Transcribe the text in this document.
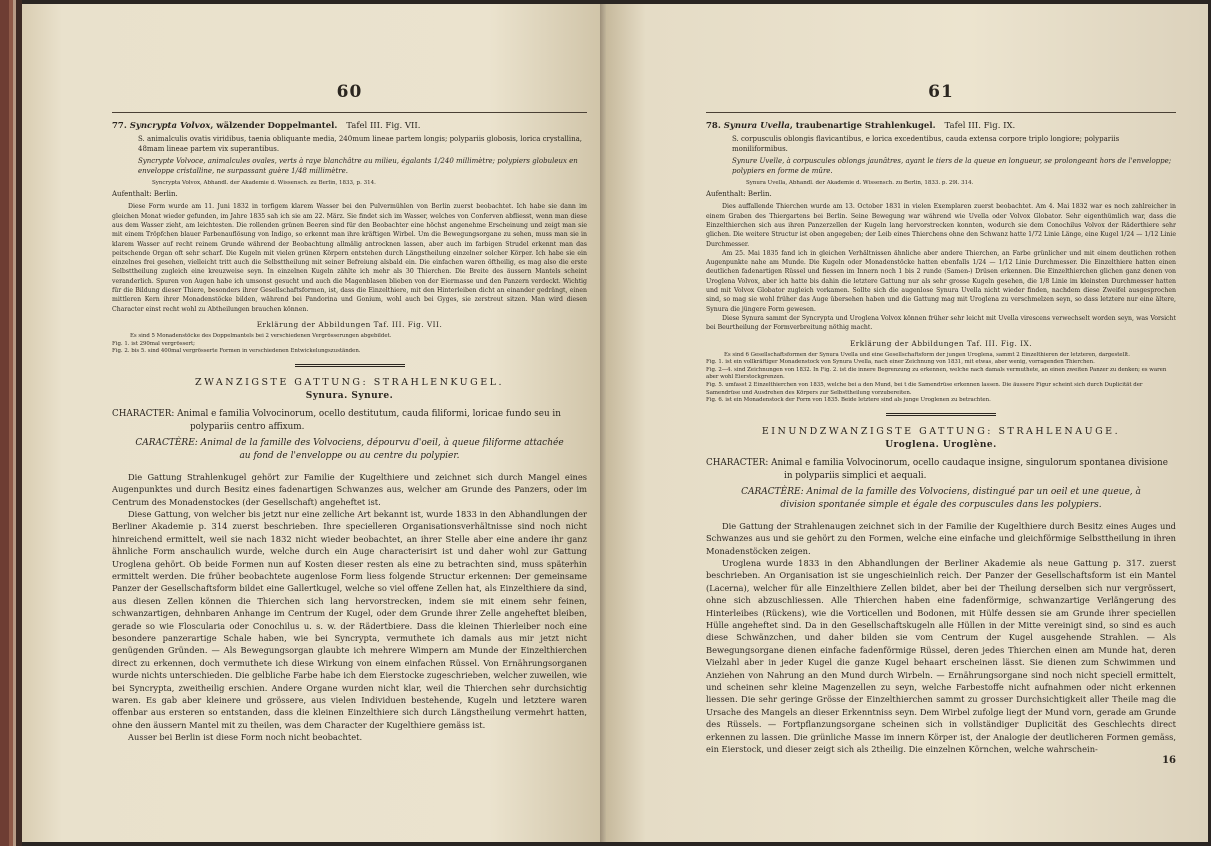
60
77. Syncrypta Volvox, wälzender Doppelmantel. Tafel III. Fig. VII.
S. animalculis ovatis viridibus, taenia obliquante media, 240mum lineae partem longis; polypariis globosis, lorica crystallina, 48mam lineae partem vix superantibus.
Syncrypte Volvoce, animalcules ovales, verts à raye blanchâtre au milieu, égalants 1/240 millimètre; polypiers globuleux en enveloppe cristalline, ne surpassant guère 1/48 millimètre.
Syncrypta Volvox, Abhandl. der Akademie d. Wissensch. zu Berlin, 1833, p. 314.
Aufenthalt: Berlin.

Diese Form wurde am 11. Juni 1832 in torfigem klarem Wasser bei den Pulvermühlen von Berlin zuerst beobachtet. Ich habe sie dann im gleichen Monat wieder gefunden, im Jahre 1835 sah ich sie am 22. März. Sie findet sich im Wasser, welches von Conferven abfliesst, wenn man diese aus dem Wasser zieht, am leichtesten. Die rollenden grünen Beeren sind für den Beobachter eine höchst angenehme Erscheinung und zeigt man sie mit einem Tröpfchen blauer Farbenauflösung von Indigo, so erkennt man ihre kräftigen Wirbel. Um die Bewegungsorgane zu sehen, muss man sie in klarem Wasser auf recht reinem Grunde während der Beobachtung allmälig antrocknen lassen, aber auch im farbigen Strudel erkennt man das peitschende Organ oft sehr scharf. Die Kugeln mit vielen grünen Körpern entstehen durch Längstheilung einzelner solcher Körper. Ich habe sie ein einzelnes frei gesehen, vielleicht tritt auch die Selbsttheilung mit seiner Befreiung alsbald ein. Die einfachen waren öftheilig, es mag also die erste Selbsttheilung zugleich eine kreuzweise seyn. In einzelnen Kugeln zählte ich mehr als 30 Thierchen. Die Breite des äussern Mantels scheint veranderlich. Spuren von Augen habe ich umsonst gesucht und auch die Magenblasen blieben von der Eiermasse und den Panzern verdeckt. Wichtig für die Bildung dieser Thiere, besonders ihrer Gesellschaftsformen, ist, dass die Einzelthiere, mit den Hinterleiben dicht an einander gedrängt, einen mittleren Kern ihrer Monadenstöcke bilden, während bei Pandorina und Gonium, wohl auch bei Gyges, sie zerstreut sitzen. Man wird diesen Character einst recht wohl zu Abtheilungen brauchen können.

Erklärung der Abbildungen Taf. III. Fig. VII.

Es sind 5 Monadenstöcke des Doppelmantels bei 2 verschiedenen Vergrösserungen abgebildet.

Fig. 1. ist 290mal vergrössert;

Fig. 2. bis 5. sind 400mal vergrösserte Formen in verschiedenen Entwickelungszuständen.

ZWANZIGSTE GATTUNG: STRAHLENKUGEL.
Synura. Synure.
CHARACTER: Animal e familia Volvocinorum, ocello destitutum, cauda filiformi, loricae fundo seu in
polypariis centro affixum.
CARACTÈRE: Animal de la famille des Volvociens, dépourvu d'oeil, à queue filiforme attachée au fond de l'enveloppe ou au centre du polypier.

Die Gattung Strahlenkugel gehört zur Familie der Kugelthiere und zeichnet sich durch Mangel eines Augenpunktes und durch Besitz eines fadenartigen Schwanzes aus, welcher am Grunde des Panzers, oder im Centrum des Monadenstockes (der Gesellschaft) angeheftet ist.

Diese Gattung, von welcher bis jetzt nur eine zelliche Art bekannt ist, wurde 1833 in den Abhandlungen der Berliner Akademie p. 314 zuerst beschrieben. Ihre specielleren Organisationsverhältnisse sind noch nicht hinreichend ermittelt, weil sie nach 1832 nicht wieder beobachtet, an ihrer Stelle aber eine andere ihr ganz ähnliche Form anschaulich wurde, welche durch ein Auge characterisirt ist und daher wohl zur Gattung Uroglena gehört. Ob beide Formen nun auf Kosten dieser resten als eine zu betrachten sind, muss späterhin ermittelt werden. Die früher beobachtete augenlose Form liess folgende Structur erkennen: Der gemeinsame Panzer der Gesellschaftsform bildet eine Gallertkugel, welche so viel offene Zellen hat, als Einzelthiere da sind, aus diesen Zellen können die Thierchen sich lang hervorstrecken, indem sie mit einem sehr feinen, schwanzartigen, dehnbaren Anhange im Centrum der Kugel, oder dem Grunde ihrer Zelle angeheftet bleiben, gerade so wie Floscularia oder Conochilus u. s. w. der Rädertbiere. Dass die kleinen Thierleiber noch eine besondere panzerartige Schale haben, wie bei Syncrypta, vermuthete ich damals aus mir jetzt nicht genügenden Gründen. — Als Bewegungsorgan glaubte ich mehrere Wimpern am Munde der Einzelthierchen direct zu erkennen, doch vermuthete ich diese Wirkung von einem einfachen Rüssel. Von Ernährungsorganen wurde nichts unterschieden. Die gelbliche Farbe habe ich dem Eierstocke zugeschrieben, welcher zuweilen, wie bei Syncrypta, zweitheilig erschien. Andere Organe wurden nicht klar, weil die Thierchen sehr durchsichtig waren. Es gab aber kleinere und grössere, aus vielen Individuen bestehende, Kugeln und letztere waren offenbar aus ersteren so entstanden, dass die kleinen Einzelthiere sich durch Längstheilung vermehrt hatten, ohne den äussern Mantel mit zu theilen, was dem Character der Kugelthiere gemäss ist.

Ausser bei Berlin ist diese Form noch nicht beobachtet.

61
78. Synura Uvella, traubenartige Strahlenkugel. Tafel III. Fig. IX.
S. corpusculis oblongis flavicantibus, e lorica excedentibus, cauda extensa corpore triplo longiore; polypariis moniliformibus.
Synure Uvelle, à corpuscules oblongs jaunâtres, ayant le tiers de la queue en longueur, se prolongeant hors de l'enveloppe; polypiers en forme de mûre.
Synura Uvella, Abhandl. der Akademie d. Wissensch. zu Berlin, 1833. p. 29l. 314.
Aufenthalt: Berlin.

Dies auffallende Thierchen wurde am 13. October 1831 in vielen Exemplaren zuerst beobachtet. Am 4. Mai 1832 war es noch zahlreicher in einem Graben des Thiergartens bei Berlin. Seine Bewegung war während wie Uvella oder Volvox Globator. Sehr eigenthümlich war, dass die Einzelthierchen sich aus ihren Panzerzellen der Kugeln lang hervorstrecken konnten, wodurch sie dem Conochilus Volvox der Räderthiere sehr glichen. Die weitere Structur ist oben angegeben; der Leib eines Thierchens ohne den Schwanz hatte 1/72 Linie Länge, eine Kugel 1/24 — 1/12 Linie Durchmesser.

Am 25. Mai 1835 fand ich in gleichen Verhältnissen ähnliche aber andere Thierchen, an Farbe grünlicher und mit einem deutlichen rothen Augenpunkte nahe am Munde. Die Kugeln oder Monadenstöcke hatten ebenfalls 1/24 — 1/12 Linie Durchmesser. Die Einzelthiere hatten einen deutlichen fadenartigen Rüssel und fiessen im Innern noch 1 bis 2 runde (Samen-) Drüsen erkennen. Die Einzelthierchen glichen ganz denen von Uroglena Volvox, aber ich hatte bis dahin die letztere Gattung nur als sehr grosse Kugeln gesehen, die 1/8 Linie im kleinsten Durchmesser hatten und mit Volvox Globator zugleich vorkamen. Sollte sich die augenlose Synura Uvella nicht wieder finden, nachdem diese Zweifel ausgesprochen sind, so mag sie wohl früher das Auge übersehen haben und die Gattung mag mit Uroglena zu verschmelzen seyn, so dass letztere nur eine ältere, Synura die jüngere Form gewesen.

Diese Synura sammt der Syncrypta und Uroglena Volvox können früher sehr leicht mit Uvella virescens verwechselt worden seyn, was Vorsicht bei Beurtheilung der Formverbreitung nöthig macht.

Erklärung der Abbildungen Taf. III. Fig. IX.

Es sind 6 Gesellschaftsformen der Synura Uvella und eine Gesellschaftsform der jungen Uroglena, sammt 2 Einzelthieren der letzteren, dargestellt.

Fig. 1. ist ein vollkräftiger Monadenstock von Synura Uvella, nach einer Zeichnung von 1831, mit etwas, aber wenig, vorragenden Thierchen.

Fig. 2—4. sind Zeichnungen von 1832. In Fig. 2. ist die innere Begrenzung zu erkennen, welche nach damals vermuthete, an einen zweiten Panzer zu denken; es waren aber wohl Eierstockgrenzen.

Fig. 5. umfasst 2 Einzelthierchen von 1835, welche bei a den Mund, bei t die Samendrüse erkennen lassen. Die äussere Figur scheint sich durch Duplicität der Samendrüse und Ausdrehen des Körpers zur Selbsttheilung vorzubereiten.

Fig. 6. ist ein Monadenstock der Form von 1835. Beide letztere sind als junge Uroglenen zu betrachten.

EINUNDZWANZIGSTE GATTUNG: STRAHLENAUGE.
Uroglena. Uroglène.
CHARACTER: Animal e familia Volvocinorum, ocello caudaque insigne, singulorum spontanea divisione
in polypariis simplici et aequali.
CARACTÈRE: Animal de la famille des Volvociens, distingué par un oeil et une queue, à division spontanée simple et égale des corpuscules dans les polypiers.

Die Gattung der Strahlenaugen zeichnet sich in der Familie der Kugelthiere durch Besitz eines Auges und Schwanzes aus und sie gehört zu den Formen, welche eine einfache und gleichförmige Selbsttheilung in ihren Monadenstöcken zeigen.

Uroglena wurde 1833 in den Abhandlungen der Berliner Akademie als neue Gattung p. 317. zuerst beschrieben. An Organisation ist sie ungeschieinlich reich. Der Panzer der Gesellschaftsform ist ein Mantel (Lacerna), welcher für alle Einzelthiere Zellen bildet, aber bei der Theilung derselben sich nur vergrössert, ohne sich abzuschliessen. Alle Thierchen haben eine fadenförmige, schwanzartige Verlängerung des Hinterleibes (Rückens), wie die Vorticellen und Bodonen, mit Hülfe dessen sie am Grunde ihrer speciellen Hülle angeheftet sind. Da in den Gesellschaftskugeln alle Hüllen in der Mitte vereinigt sind, so sind es auch diese Schwänzchen, und daher bilden sie vom Centrum der Kugel ausgehende Strahlen. — Als Bewegungsorgane dienen einfache fadenförmige Rüssel, deren jedes Thierchen einen am Munde hat, deren Vielzahl aber in jeder Kugel die ganze Kugel behaart erscheinen lässt. Sie dienen zum Schwimmen und Anziehen von Nahrung an den Mund durch Wirbeln. — Ernährungsorgane sind noch nicht speciell ermittelt, und scheinen sehr kleine Magenzellen zu seyn, welche Farbestoffe nicht aufnahmen oder nicht erkennen liessen. Die sehr geringe Grösse der Einzelthierchen sammt zu grosser Durchsichtigkeit aller Theile mag die Ursache des Mangels an dieser Erkenntniss seyn. Dem Wirbel zufolge liegt der Mund vorn, gerade am Grunde des Rüssels. — Fortpflanzungsorgane scheinen sich in vollständiger Duplicität des Geschlechts direct erkennen zu lassen. Die grünliche Masse im innern Körper ist, der Analogie der deutlicheren Formen gemäss, ein Eierstock, und dieser zeigt sich als 2theilig. Die einzelnen Körnchen, welche wahrschein-

16
